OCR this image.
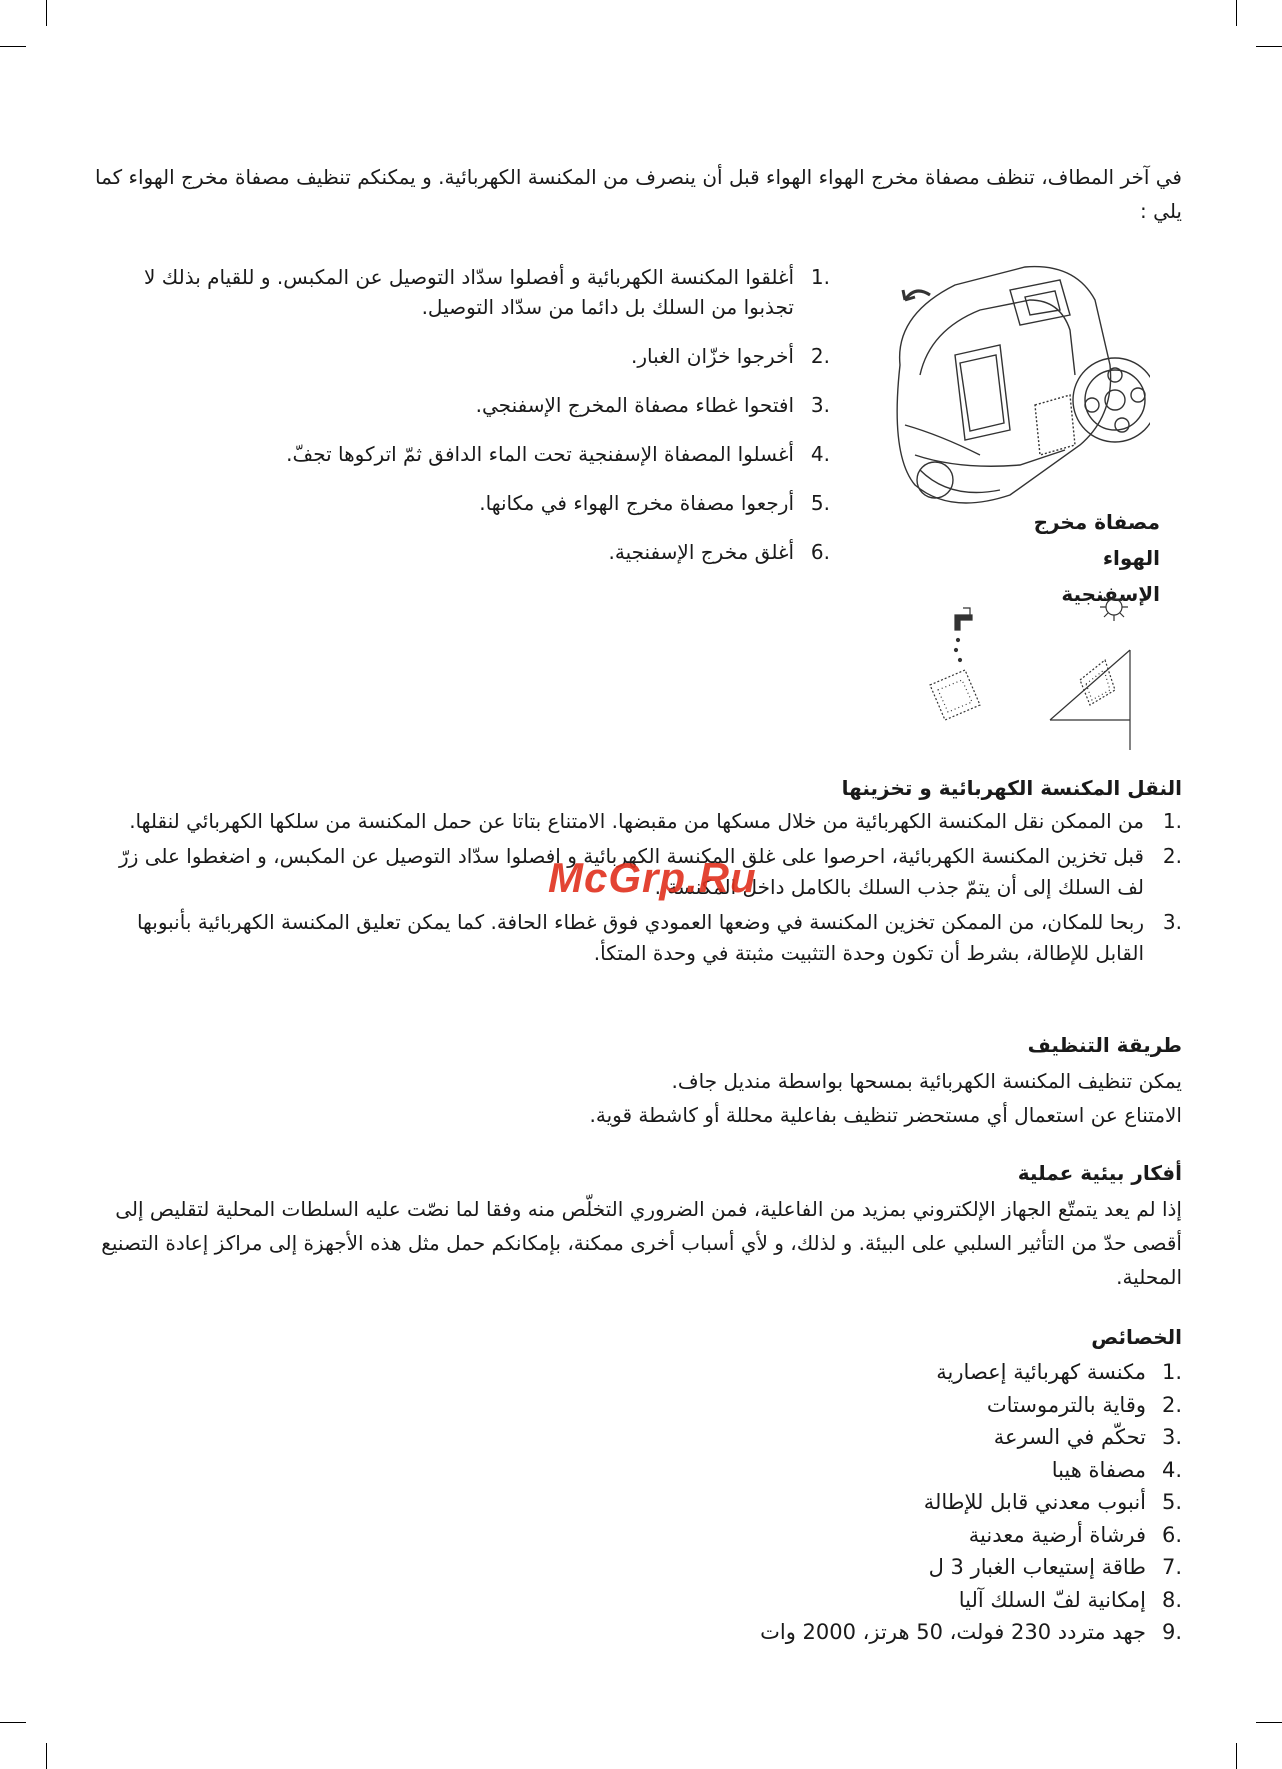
في آخر المطاف، تنظف مصفاة مخرج الهواء الهواء قبل أن ينصرف من المكنسة الكهربائية. و يمكنكم تنظيف مصفاة مخرج الهواء كما يلي :
.1
أغلقوا المكنسة الكهربائية و أفصلوا سدّاد التوصيل عن المكبس. و للقيام بذلك لا تجذبوا من السلك بل دائما من سدّاد التوصيل.
.2
أخرجوا خزّان الغبار.
.3
افتحوا غطاء مصفاة المخرج الإسفنجي.
.4
أغسلوا المصفاة الإسفنجية تحت الماء الدافق ثمّ اتركوها تجفّ.
.5
أرجعوا مصفاة مخرج الهواء في مكانها.
.6
أغلق مخرج الإسفنجية.
مصفاة مخرج
الهواء الإسفنجية
النقل المكنسة الكهربائية و تخزينها
.1
من الممكن نقل المكنسة الكهربائية من خلال مسكها من مقبضها. الامتناع بتاتا عن حمل المكنسة من سلكها الكهربائي لنقلها.
.2
قبل تخزين المكنسة الكهربائية، احرصوا على غلق المكنسة الكهربائية و افصلوا سدّاد التوصيل عن المكبس، و اضغطوا على زرّ لف السلك إلى أن يتمّ جذب السلك بالكامل داخل المكنسة .
.3
ربحا للمكان، من الممكن تخزين المكنسة في وضعها العمودي فوق غطاء الحافة. كما يمكن تعليق المكنسة الكهربائية بأنبوبها القابل للإطالة، بشرط أن تكون وحدة التثبيت مثبتة في وحدة المتكأ.
McGrp.Ru
طريقة التنظيف
يمكن تنظيف المكنسة الكهربائية بمسحها بواسطة منديل جاف.
الامتناع عن استعمال أي مستحضر تنظيف بفاعلية محللة أو كاشطة قوية.
أفكار بيئية عملية
إذا لم يعد يتمتّع الجهاز الإلكتروني بمزيد من الفاعلية، فمن الضروري التخلّص منه وفقا لما نصّت عليه السلطات المحلية لتقليص إلى أقصى حدّ من التأثير السلبي على البيئة. و لذلك، و لأي أسباب أخرى ممكنة، بإمكانكم حمل مثل هذه الأجهزة إلى مراكز إعادة التصنيع المحلية.
الخصائص
.1
مكنسة كهربائية إعصارية
.2
وقاية بالترموستات
.3
تحكّم في السرعة
.4
مصفاة هيبا
.5
أنبوب معدني قابل للإطالة
.6
فرشاة أرضية معدنية
.7
طاقة إستيعاب الغبار 3 ل
.8
إمكانية لفّ السلك آليا
.9
جهد متردد 230 فولت، 50 هرتز، 2000 وات
